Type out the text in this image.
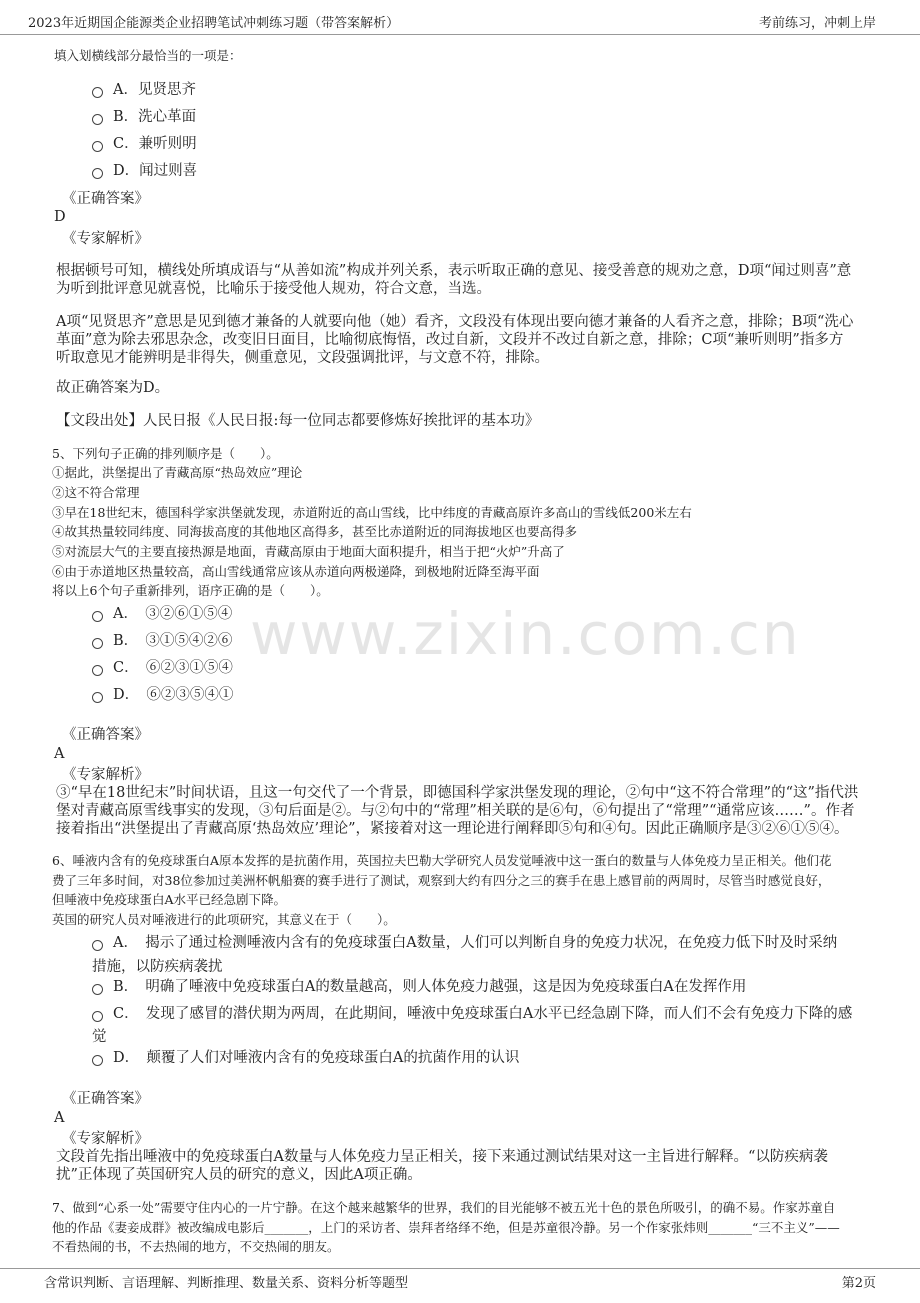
2023年近期国企能源类企业招聘笔试冲刺练习题（带答案解析）	考前练习，冲刺上岸
www.zixin.com.cn
填入划横线部分最恰当的一项是：
A．见贤思齐
B．洗心革面
C．兼听则明
D．闻过则喜
《正确答案》
D
《专家解析》
根据顿号可知，横线处所填成语与“从善如流”构成并列关系，表示听取正确的意见、接受善意的规劝之意，D项“闻过则喜”意
为听到批评意见就喜悦，比喻乐于接受他人规劝，符合文意，当选。
A项“见贤思齐”意思是见到德才兼备的人就要向他（她）看齐，文段没有体现出要向德才兼备的人看齐之意，排除；B项“洗心
革面”意为除去邪思杂念，改变旧日面目，比喻彻底悔悟，改过自新，文段并不改过自新之意，排除；C项“兼听则明”指多方
听取意见才能辨明是非得失，侧重意见，文段强调批评，与文意不符，排除。
故正确答案为D。
【文段出处】人民日报《人民日报:每一位同志都要修炼好挨批评的基本功》
5、下列句子正确的排列顺序是（　　）。
①据此，洪堡提出了青藏高原“热岛效应”理论
②这不符合常理
③早在18世纪末，德国科学家洪堡就发现，赤道附近的高山雪线，比中纬度的青藏高原许多高山的雪线低200米左右
④故其热量较同纬度、同海拔高度的其他地区高得多，甚至比赤道附近的同海拔地区也要高得多
⑤对流层大气的主要直接热源是地面，青藏高原由于地面大面积提升，相当于把“火炉”升高了
⑥由于赤道地区热量较高，高山雪线通常应该从赤道向两极递降，到极地附近降至海平面
将以上6个句子重新排列，语序正确的是（　　）。
A．　③②⑥①⑤④
B．　③①⑤④②⑥
C．　⑥②③①⑤④
D．　⑥②③⑤④①
《正确答案》
A
《专家解析》
③“早在18世纪末”时间状语，且这一句交代了一个背景，即德国科学家洪堡发现的理论，②句中“这不符合常理”的“这”指代洪
堡对青藏高原雪线事实的发现，③句后面是②。与②句中的“常理”相关联的是⑥句，⑥句提出了“常理”“通常应该……”。作者
接着指出“洪堡提出了青藏高原‘热岛效应’理论”，紧接着对这一理论进行阐释即⑤句和④句。因此正确顺序是③②⑥①⑤④。
6、唾液内含有的免疫球蛋白A原本发挥的是抗菌作用，英国拉夫巴勒大学研究人员发觉唾液中这一蛋白的数量与人体免疫力呈正相关。他们花
费了三年多时间，对38位参加过美洲杯帆船赛的赛手进行了测试，观察到大约有四分之三的赛手在患上感冒前的两周时，尽管当时感觉良好，
但唾液中免疫球蛋白A水平已经急剧下降。
英国的研究人员对唾液进行的此项研究，其意义在于（　　）。
A．　揭示了通过检测唾液内含有的免疫球蛋白A数量，人们可以判断自身的免疫力状况，在免疫力低下时及时采纳
措施，以防疾病袭扰
B．　明确了唾液中免疫球蛋白A的数量越高，则人体免疫力越强，这是因为免疫球蛋白A在发挥作用
C．　发现了感冒的潜伏期为两周，在此期间，唾液中免疫球蛋白A水平已经急剧下降，而人们不会有免疫力下降的感
觉
D．　颠覆了人们对唾液内含有的免疫球蛋白A的抗菌作用的认识
《正确答案》
A
《专家解析》
文段首先指出唾液中的免疫球蛋白A数量与人体免疫力呈正相关，接下来通过测试结果对这一主旨进行解释。“以防疾病袭
扰”正体现了英国研究人员的研究的意义，因此A项正确。
7、做到“心系一处”需要守住内心的一片宁静。在这个越来越繁华的世界，我们的目光能够不被五光十色的景色所吸引，的确不易。作家苏童自
他的作品《妻妾成群》被改编成电影后_______，上门的采访者、崇拜者络绎不绝，但是苏童很冷静。另一个作家张炜则_______“三不主义”——
不看热闹的书，不去热闹的地方，不交热闹的朋友。
含常识判断、言语理解、判断推理、数量关系、资料分析等题型	第2页
